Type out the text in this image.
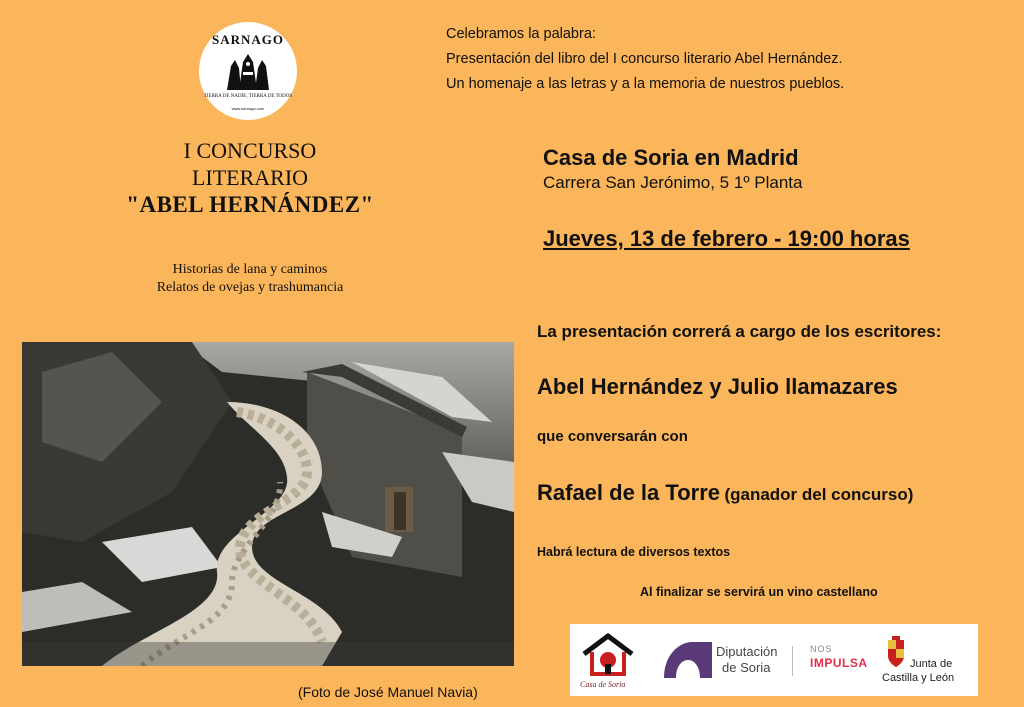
SARNAGO
TIERRA DE NADIE, TIERRA DE TODOS
www.sarnago.com
I CONCURSO
LITERARIO
"ABEL HERNÁNDEZ"
Historias de lana y caminos
Relatos de ovejas y trashumancia
(Foto de José Manuel Navia)
Celebramos la palabra:
Presentación del libro del I concurso literario Abel Hernández.
Un homenaje a las letras y a la memoria de nuestros pueblos.
Casa de Soria en Madrid
Carrera San Jerónimo, 5 1º Planta
Jueves, 13 de febrero - 19:00 horas
La presentación correrá a cargo de los escritores:
Abel Hernández y Julio llamazares
que conversarán con
Rafael de la Torre (ganador del concurso)
Habrá lectura de diversos textos
Al finalizar se servirá un vino castellano
Casa de Soria
Diputación
de Soria
NOS
IMPULSA	Junta de
Castilla y León
